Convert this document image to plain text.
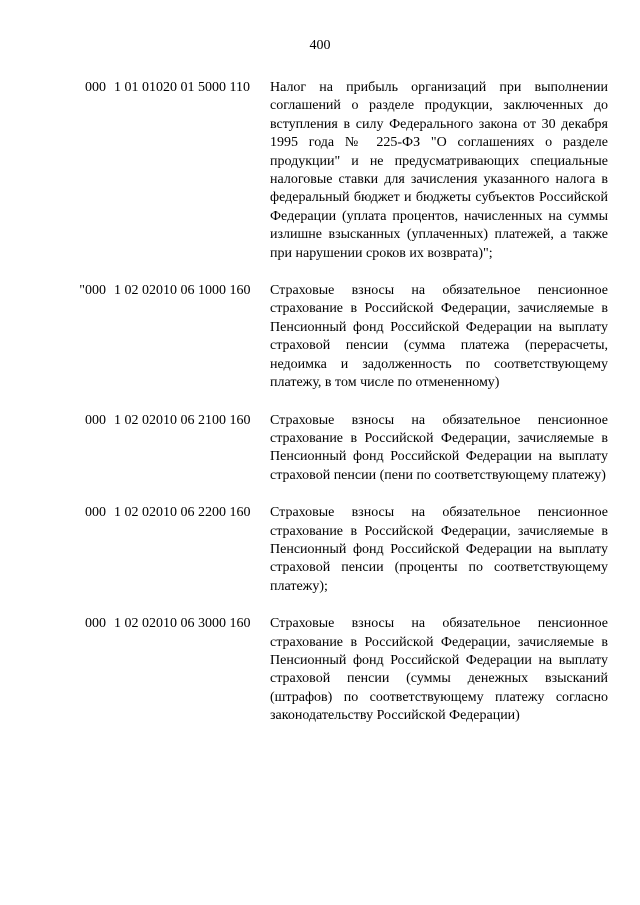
400
000 1 01 01020 01 5000 110	Налог на прибыль организаций при выполнении соглашений о разделе продукции, заключенных до вступления в силу Федерального закона от 30 декабря 1995 года № 225-ФЗ "О соглашениях о разделе продукции" и не предусматривающих специальные налоговые ставки для зачисления указанного налога в федеральный бюджет и бюджеты субъектов Российской Федерации (уплата процентов, начисленных на суммы излишне взысканных (уплаченных) платежей, а также при нарушении сроков их возврата)";
"000 1 02 02010 06 1000 160	Страховые взносы на обязательное пенсионное страхование в Российской Федерации, зачисляемые в Пенсионный фонд Российской Федерации на выплату страховой пенсии (сумма платежа (перерасчеты, недоимка и задолженность по соответствующему платежу, в том числе по отмененному)
000 1 02 02010 06 2100 160	Страховые взносы на обязательное пенсионное страхование в Российской Федерации, зачисляемые в Пенсионный фонд Российской Федерации на выплату страховой пенсии (пени по соответствующему платежу)
000 1 02 02010 06 2200 160	Страховые взносы на обязательное пенсионное страхование в Российской Федерации, зачисляемые в Пенсионный фонд Российской Федерации на выплату страховой пенсии (проценты по соответствующему платежу);
000 1 02 02010 06 3000 160	Страховые взносы на обязательное пенсионное страхование в Российской Федерации, зачисляемые в Пенсионный фонд Российской Федерации на выплату страховой пенсии (суммы денежных взысканий (штрафов) по соответствующему платежу согласно законодательству Российской Федерации)
